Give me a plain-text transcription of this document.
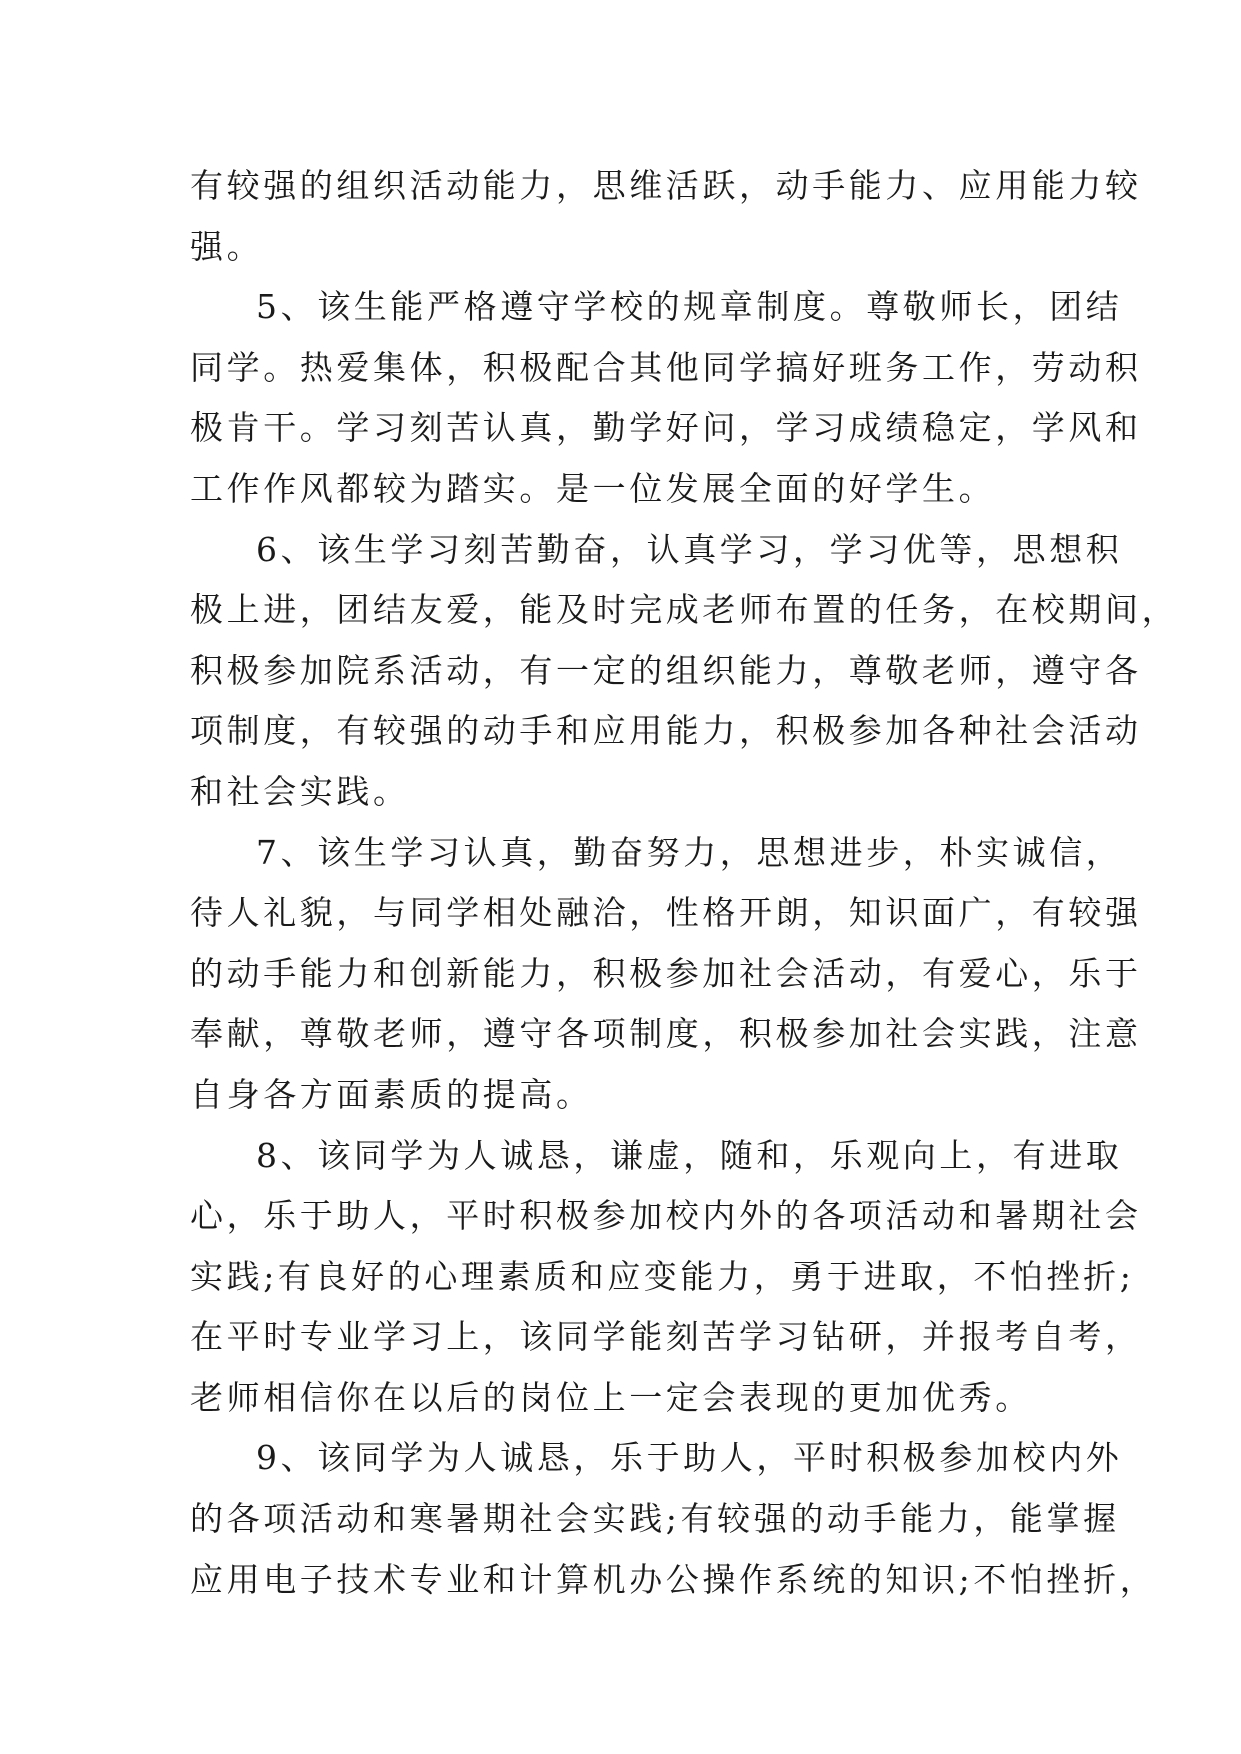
有较强的组织活动能力，思维活跃，动手能力、应用能力较
强。
5、该生能严格遵守学校的规章制度。尊敬师长，团结
同学。热爱集体，积极配合其他同学搞好班务工作，劳动积
极肯干。学习刻苦认真，勤学好问，学习成绩稳定，学风和
工作作风都较为踏实。是一位发展全面的好学生。
6、该生学习刻苦勤奋，认真学习，学习优等，思想积
极上进，团结友爱，能及时完成老师布置的任务，在校期间，
积极参加院系活动，有一定的组织能力，尊敬老师，遵守各
项制度，有较强的动手和应用能力，积极参加各种社会活动
和社会实践。
7、该生学习认真，勤奋努力，思想进步，朴实诚信，
待人礼貌，与同学相处融洽，性格开朗，知识面广，有较强
的动手能力和创新能力，积极参加社会活动，有爱心，乐于
奉献，尊敬老师，遵守各项制度，积极参加社会实践，注意
自身各方面素质的提高。
8、该同学为人诚恳，谦虚，随和，乐观向上，有进取
心，乐于助人，平时积极参加校内外的各项活动和暑期社会
实践;有良好的心理素质和应变能力，勇于进取，不怕挫折;
在平时专业学习上，该同学能刻苦学习钻研，并报考自考，
老师相信你在以后的岗位上一定会表现的更加优秀。
9、该同学为人诚恳，乐于助人，平时积极参加校内外
的各项活动和寒暑期社会实践;有较强的动手能力，能掌握
应用电子技术专业和计算机办公操作系统的知识;不怕挫折，
